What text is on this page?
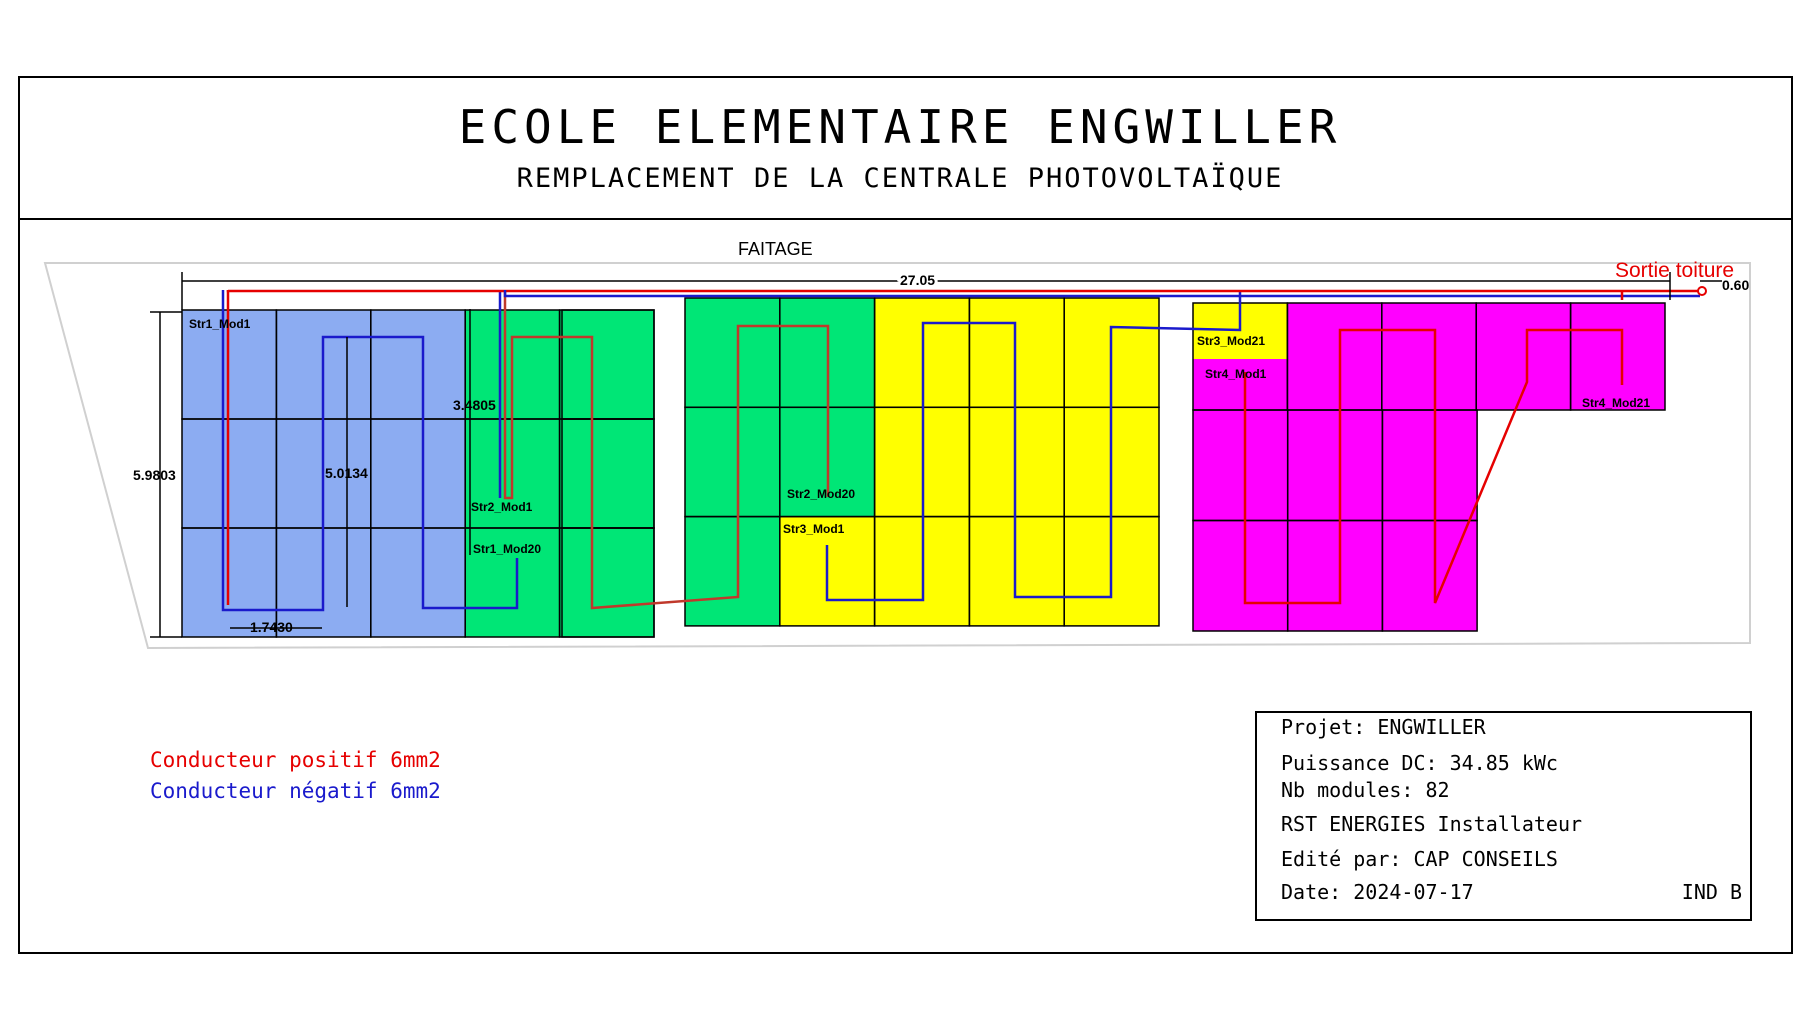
ECOLE ELEMENTAIRE ENGWILLER
REMPLACEMENT DE LA CENTRALE PHOTOVOLTAÏQUE
FAITAGE
Sortie toiture
27.05	0.60
5.9803	5.0134
3.4805
1.7430
Str1_Mod1
Str2_Mod1
Str1_Mod20
Str2_Mod20
Str3_Mod1
Str3_Mod21
Str4_Mod1
Str4_Mod21
Conducteur positif 6mm2
Conducteur négatif 6mm2
Projet: ENGWILLER
Puissance DC: 34.85 kWc
Nb modules: 82
RST ENERGIES Installateur
Edité par: CAP CONSEILS
Date: 2024-07-17	IND B
